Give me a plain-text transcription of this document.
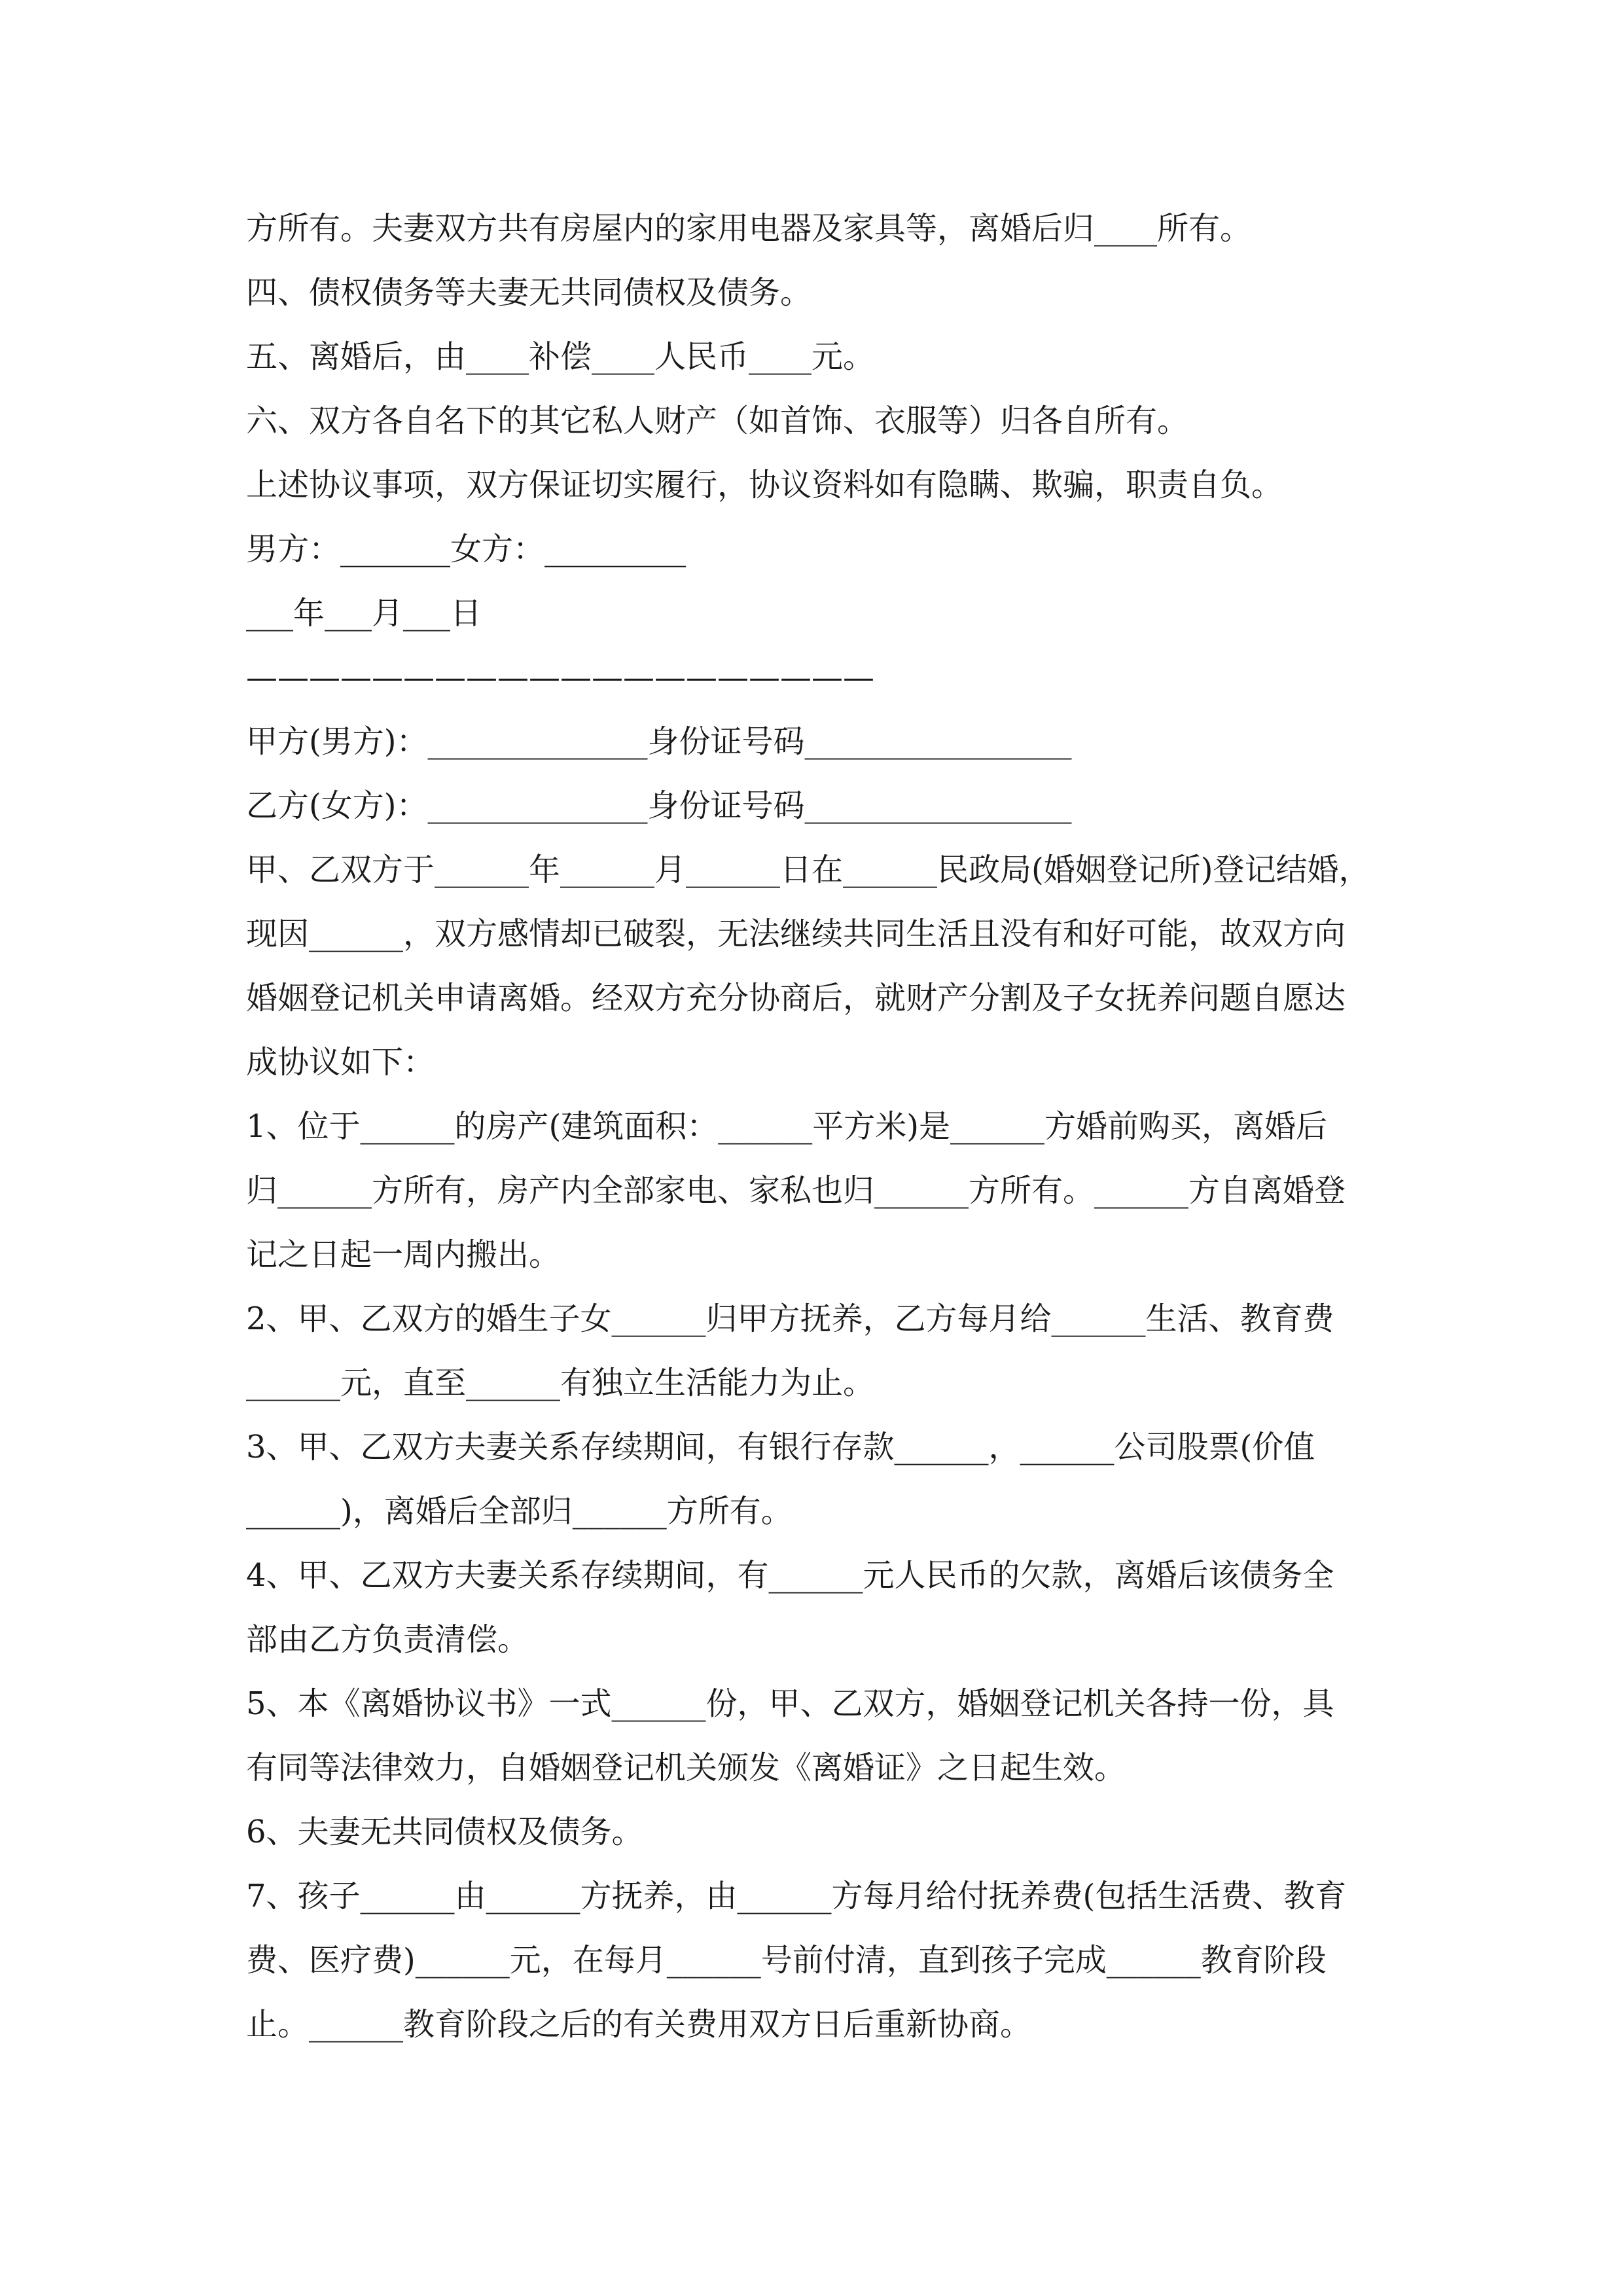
方所有。夫妻双方共有房屋内的家用电器及家具等，离婚后归____所有。

四、债权债务等夫妻无共同债权及债务。

五、离婚后，由____补偿____人民币____元。

六、双方各自名下的其它私人财产（如首饰、衣服等）归各自所有。

上述协议事项，双方保证切实履行，协议资料如有隐瞒、欺骗，职责自负。

男方：_______女方：_________

___年___月___日

————————————————————

甲方(男方)：______________身份证号码_________________

乙方(女方)：______________身份证号码_________________

甲、乙双方于______年______月______日在______民政局(婚姻登记所)登记结婚，

现因______，双方感情却已破裂，无法继续共同生活且没有和好可能，故双方向

婚姻登记机关申请离婚。经双方充分协商后，就财产分割及子女抚养问题自愿达

成协议如下：

1、位于______的房产(建筑面积：______平方米)是______方婚前购买，离婚后

归______方所有，房产内全部家电、家私也归______方所有。______方自离婚登

记之日起一周内搬出。

2、甲、乙双方的婚生子女______归甲方抚养，乙方每月给______生活、教育费

______元，直至______有独立生活能力为止。

3、甲、乙双方夫妻关系存续期间，有银行存款______，______公司股票(价值

______)，离婚后全部归______方所有。

4、甲、乙双方夫妻关系存续期间，有______元人民币的欠款，离婚后该债务全

部由乙方负责清偿。

5、本《离婚协议书》一式______份，甲、乙双方，婚姻登记机关各持一份，具

有同等法律效力，自婚姻登记机关颁发《离婚证》之日起生效。

6、夫妻无共同债权及债务。

7、孩子______由______方抚养，由______方每月给付抚养费(包括生活费、教育

费、医疗费)______元，在每月______号前付清，直到孩子完成______教育阶段

止。______教育阶段之后的有关费用双方日后重新协商。
